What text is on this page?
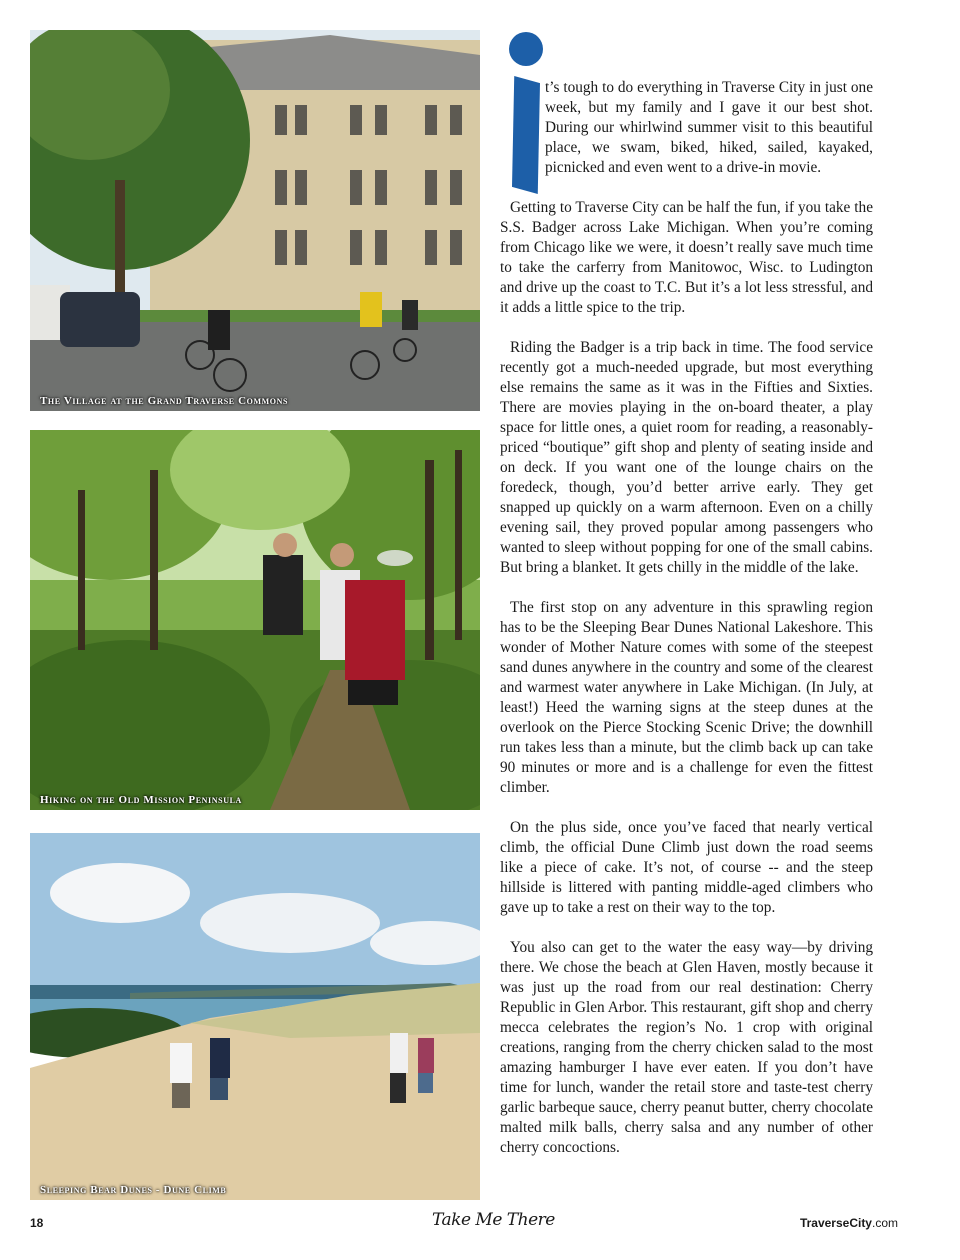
The Village at the Grand Traverse Commons
Hiking on the Old Mission Peninsula
Sleeping Bear Dunes - Dune Climb

t’s tough to do everything in Traverse City in just one week, but my family and I gave it our best shot. During our whirlwind summer visit to this beautiful place, we swam, biked, hiked, sailed, kayaked, picnicked and even went to a drive-in movie.

Getting to Traverse City can be half the fun, if you take the S.S. Badger across Lake Michigan. When you’re coming from Chicago like we were, it doesn’t really save much time to take the carferry from Manitowoc, Wisc. to Ludington and drive up the coast to T.C. But it’s a lot less stressful, and it adds a little spice to the trip.

Riding the Badger is a trip back in time. The food service recently got a much-needed upgrade, but most everything else remains the same as it was in the Fifties and Sixties. There are movies playing in the on-board theater, a play space for little ones, a quiet room for reading, a reasonably-priced “boutique” gift shop and plenty of seating inside and on deck. If you want one of the lounge chairs on the foredeck, though, you’d better arrive early. They get snapped up quickly on a warm afternoon. Even on a chilly evening sail, they proved popular among passengers who wanted to sleep without popping for one of the small cabins. But bring a blanket. It gets chilly in the middle of the lake.

The first stop on any adventure in this sprawling region has to be the Sleeping Bear Dunes National Lakeshore. This wonder of Mother Nature comes with some of the steepest sand dunes anywhere in the country and some of the clearest and warmest water anywhere in Lake Michigan. (In July, at least!) Heed the warning signs at the steep dunes at the overlook on the Pierce Stocking Scenic Drive; the downhill run takes less than a minute, but the climb back up can take 90 minutes or more and is a challenge for even the fittest climber.

On the plus side, once you’ve faced that nearly vertical climb, the official Dune Climb just down the road seems like a piece of cake. It’s not, of course -- and the steep hillside is littered with panting middle-aged climbers who gave up to take a rest on their way to the top.

You also can get to the water the easy way—by driving there. We chose the beach at Glen Haven, mostly because it was just up the road from our real destination: Cherry Republic in Glen Arbor. This restaurant, gift shop and cherry mecca celebrates the region’s No. 1 crop with original creations, ranging from the cherry chicken salad to the most amazing hamburger I have ever eaten. If you don’t have time for lunch, wander the retail store and taste-test cherry garlic barbeque sauce, cherry peanut butter, cherry chocolate malted milk balls, cherry salsa and any number of other cherry concoctions.

18	Take Me There	TraverseCity.com
